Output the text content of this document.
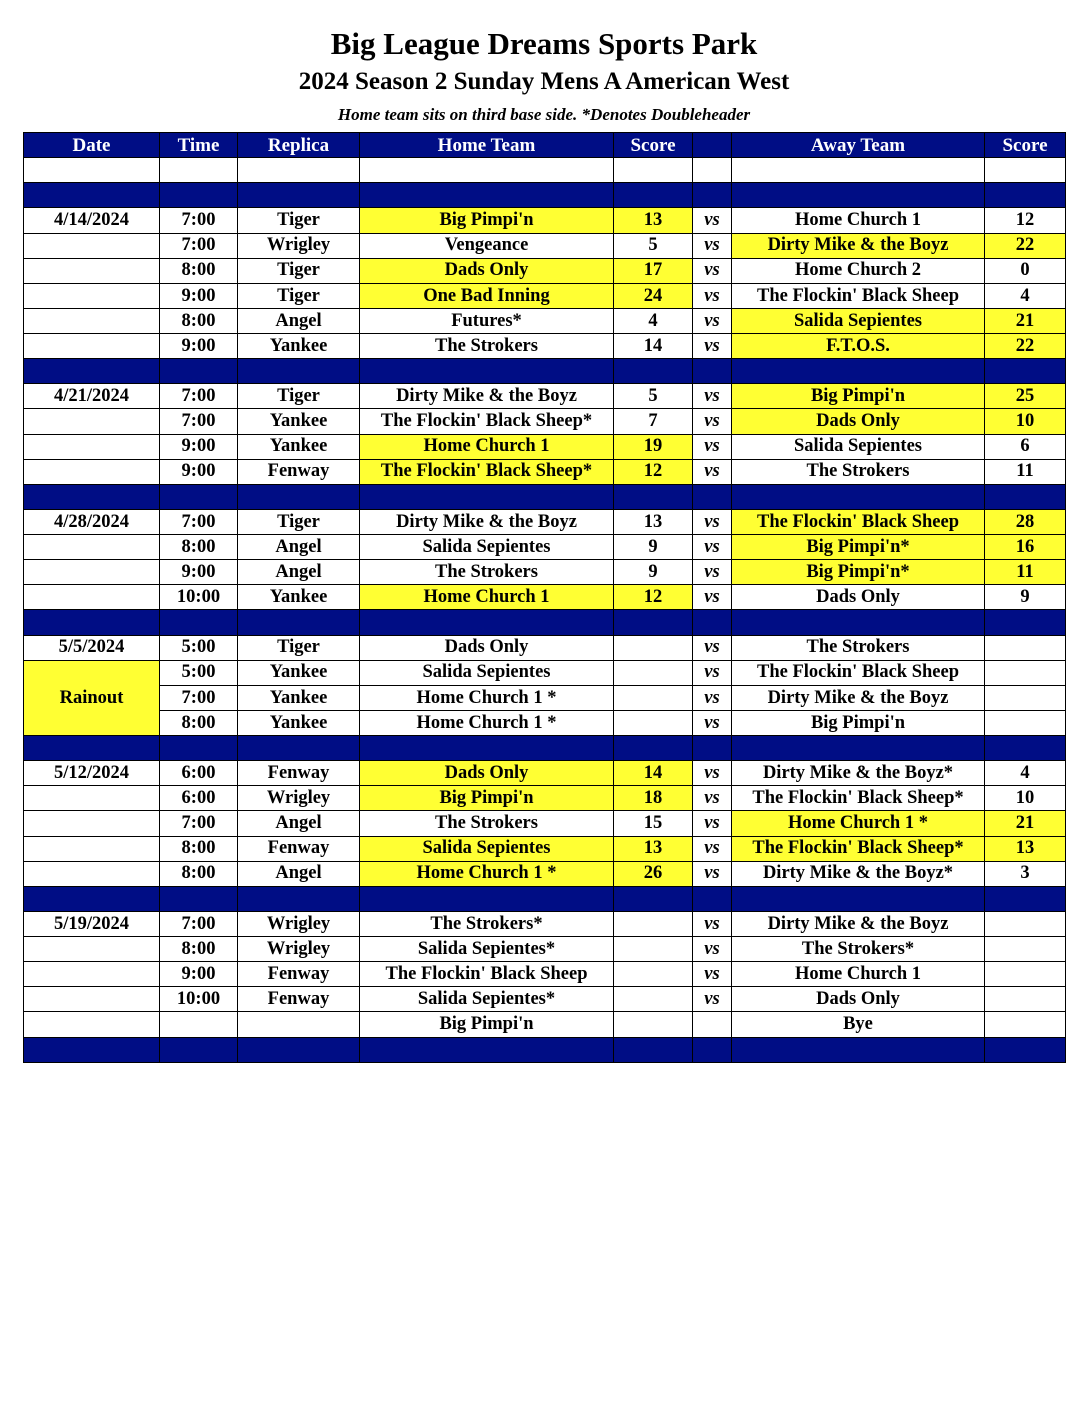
Big League Dreams Sports Park
2024 Season 2 Sunday Mens A American West
Home team sits on third base side. *Denotes Doubleheader
Date	Time	Replica	Home Team	Score		Away Team	Score

4/14/2024	7:00	Tiger	Big Pimpi'n	13	vs	Home Church 1	12
	7:00	Wrigley	Vengeance	5	vs	Dirty Mike & the Boyz	22
	8:00	Tiger	Dads Only	17	vs	Home Church 2	0
	9:00	Tiger	One Bad Inning	24	vs	The Flockin' Black Sheep	4
	8:00	Angel	Futures*	4	vs	Salida Sepientes	21
	9:00	Yankee	The Strokers	14	vs	F.T.O.S.	22

4/21/2024	7:00	Tiger	Dirty Mike & the Boyz	5	vs	Big Pimpi'n	25
	7:00	Yankee	The Flockin' Black Sheep*	7	vs	Dads Only	10
	9:00	Yankee	Home Church 1	19	vs	Salida Sepientes	6
	9:00	Fenway	The Flockin' Black Sheep*	12	vs	The Strokers	11

4/28/2024	7:00	Tiger	Dirty Mike & the Boyz	13	vs	The Flockin' Black Sheep	28
	8:00	Angel	Salida Sepientes	9	vs	Big Pimpi'n*	16
	9:00	Angel	The Strokers	9	vs	Big Pimpi'n*	11
	10:00	Yankee	Home Church 1	12	vs	Dads Only	9

5/5/2024	5:00	Tiger	Dads Only		vs	The Strokers	
Rainout	5:00	Yankee	Salida Sepientes		vs	The Flockin' Black Sheep	
	7:00	Yankee	Home Church 1 *		vs	Dirty Mike & the Boyz	
	8:00	Yankee	Home Church 1 *		vs	Big Pimpi'n	

5/12/2024	6:00	Fenway	Dads Only	14	vs	Dirty Mike & the Boyz*	4
	6:00	Wrigley	Big Pimpi'n	18	vs	The Flockin' Black Sheep*	10
	7:00	Angel	The Strokers	15	vs	Home Church 1 *	21
	8:00	Fenway	Salida Sepientes	13	vs	The Flockin' Black Sheep*	13
	8:00	Angel	Home Church 1 *	26	vs	Dirty Mike & the Boyz*	3

5/19/2024	7:00	Wrigley	The Strokers*		vs	Dirty Mike & the Boyz	
	8:00	Wrigley	Salida Sepientes*		vs	The Strokers*	
	9:00	Fenway	The Flockin' Black Sheep		vs	Home Church 1	
	10:00	Fenway	Salida Sepientes*		vs	Dads Only	
			Big Pimpi'n			Bye	
